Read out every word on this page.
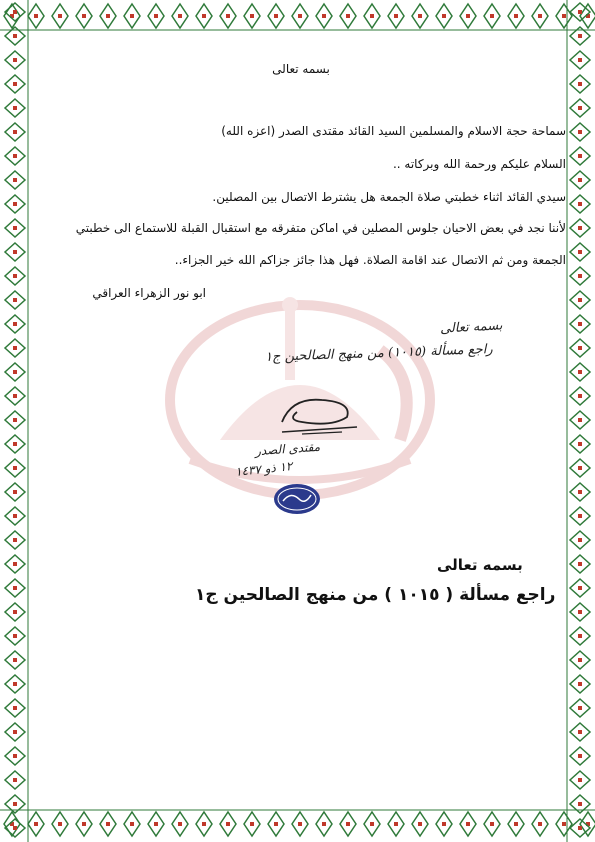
بسمه تعالى
سماحة حجة الاسلام والمسلمين السيد القائد مقتدى الصدر (اعزه الله)
السلام عليكم ورحمة الله وبركاته ..
سيدي القائد اثناء خطبتي صلاة الجمعة هل يشترط الاتصال بين المصلين.
لأننا نجد في بعض الاحيان جلوس المصلين في اماكن متفرقه مع استقبال القبلة للاستماع الى خطبتي
الجمعة ومن ثم الاتصال عند اقامة الصلاة. فهل هذا جائز جزاكم الله خير الجزاء..
ابو نور الزهراء العراقي
بسمه تعالى
راجع مسألة (١٠١٥) من منهج الصالحين ج١
مقتدى الصدر
١٢ ذو ١٤٣٧
بسمه تعالى
راجع مسألة ( ١٠١٥ ) من منهج الصالحين ج١
